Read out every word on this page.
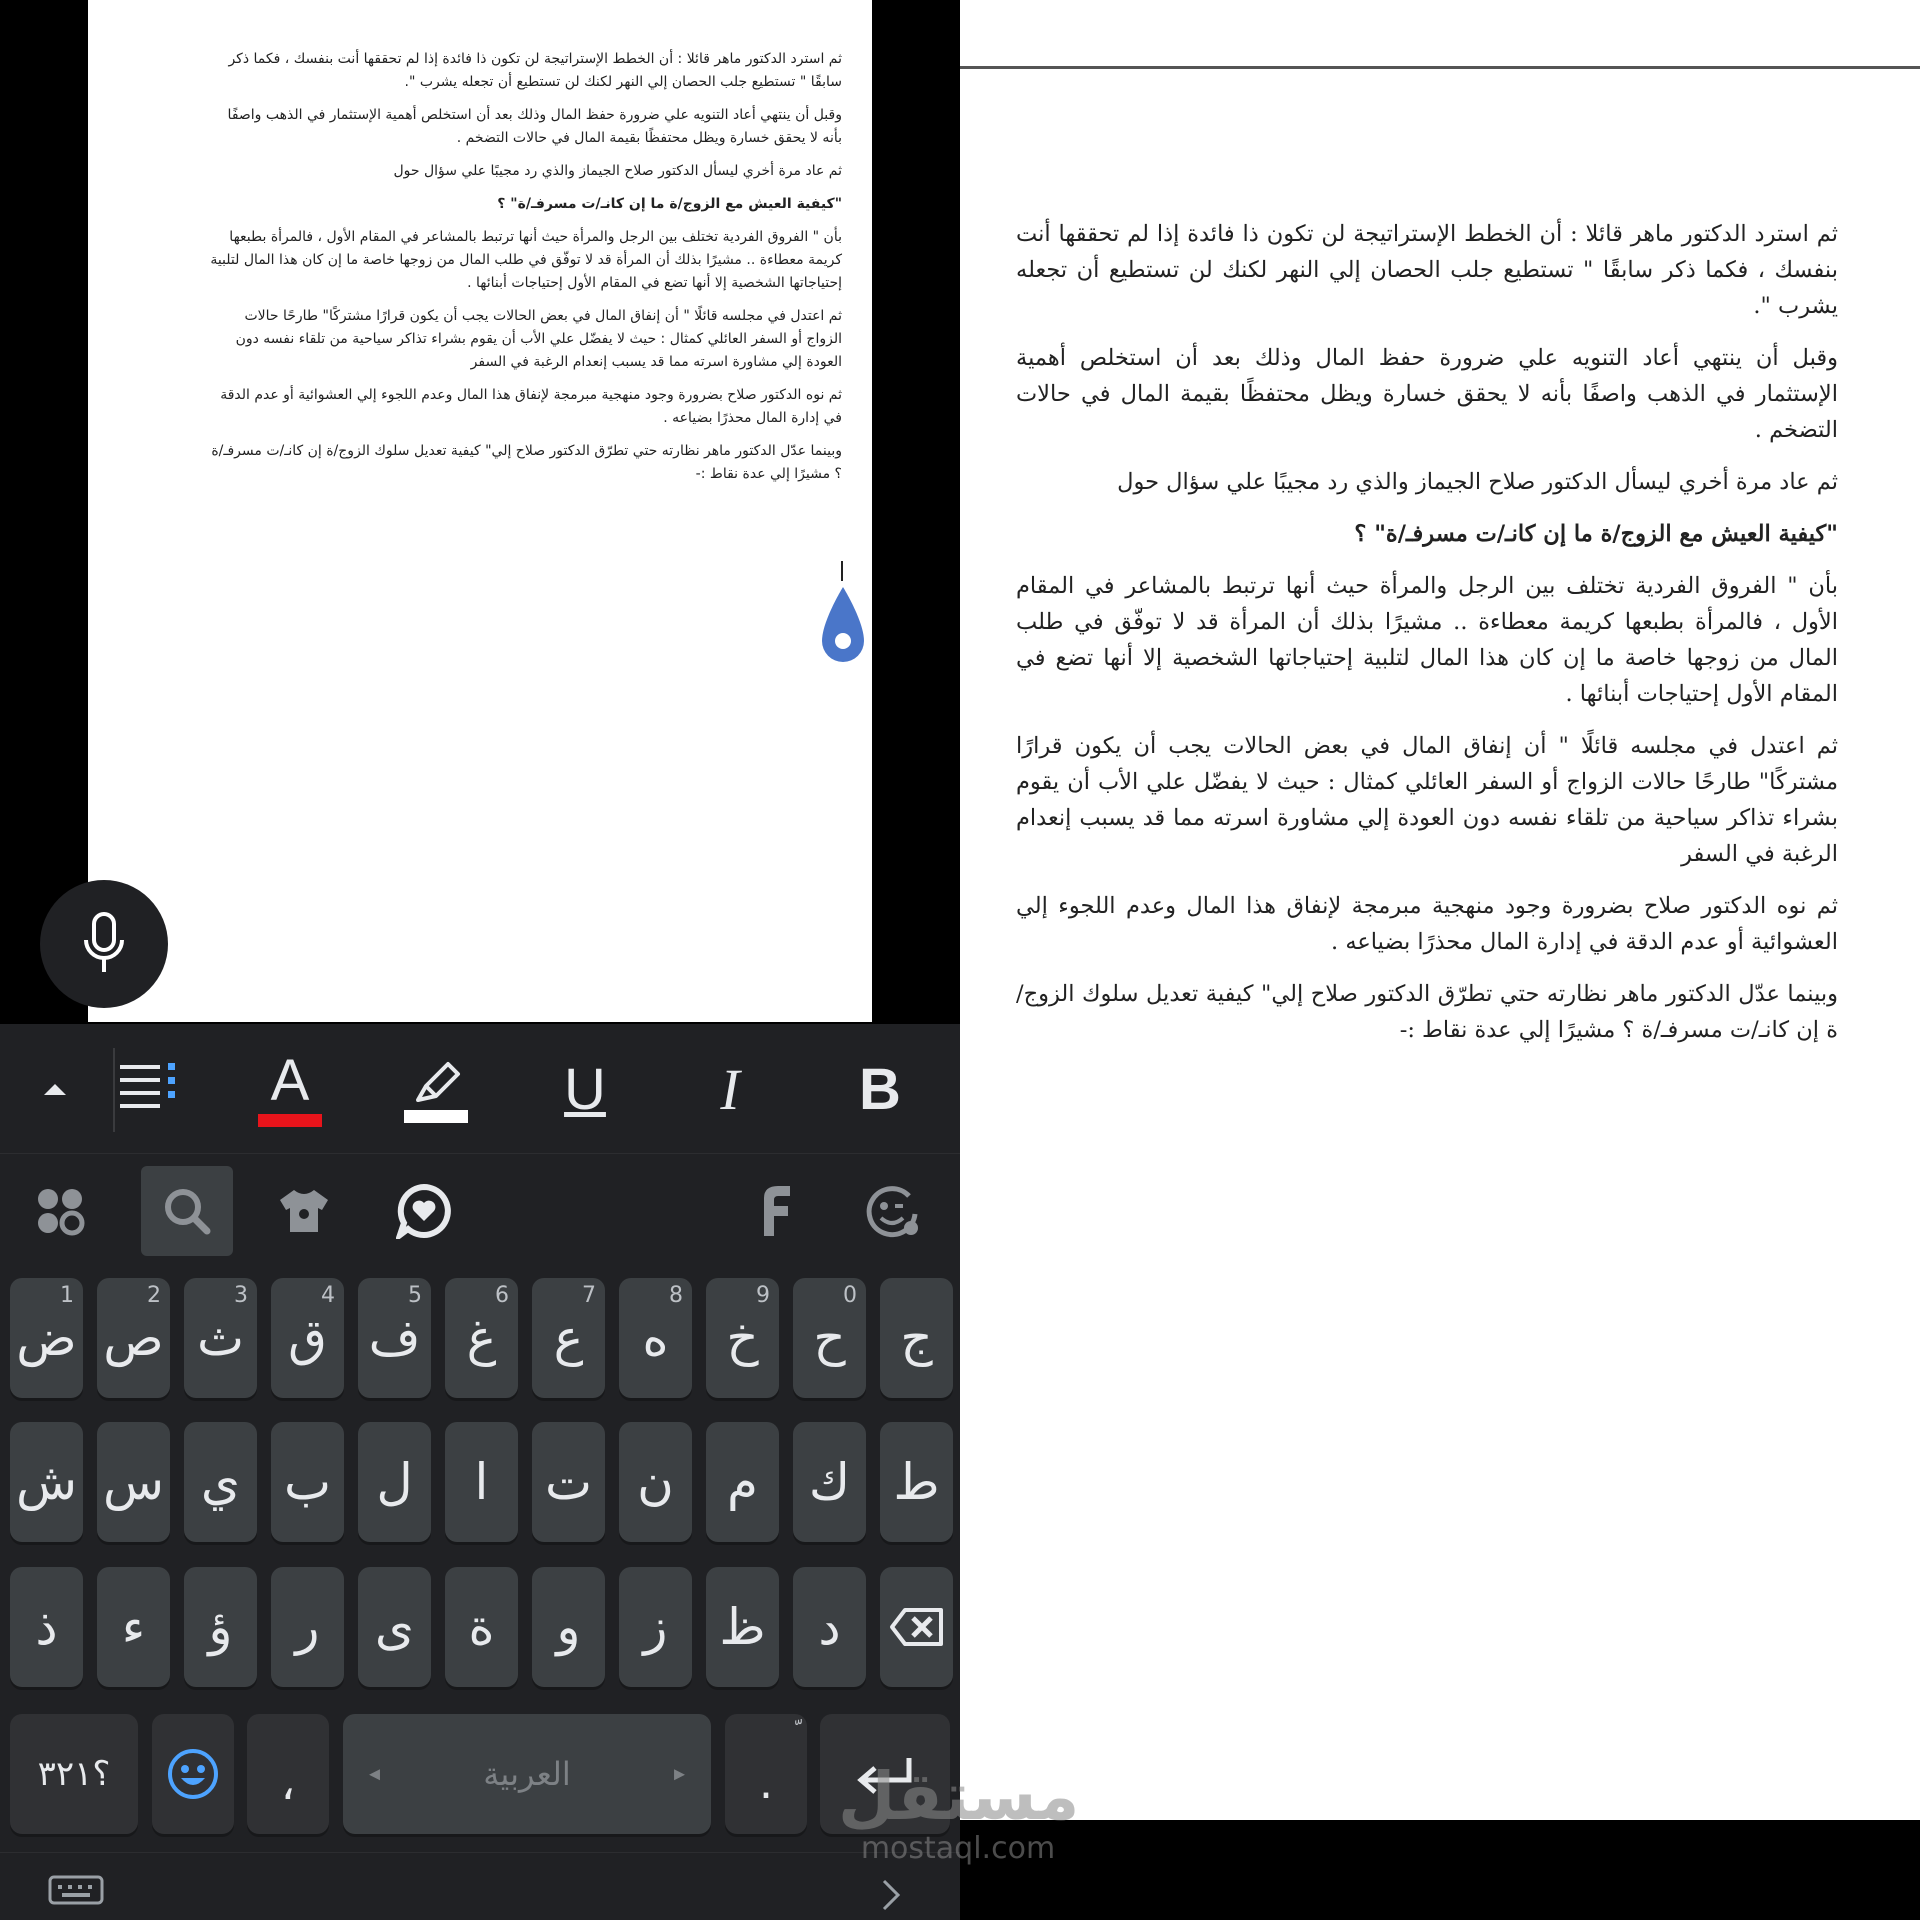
ثم استرد الدكتور ماهر قائلا : أن الخطط الإستراتيجة لن تكون ذا فائدة إذا لم تحققها أنت بنفسك ، فكما ذكر سابقًا " تستطيع جلب الحصان إلي النهر لكنك لن تستطيع أن تجعله يشرب ".

وقبل أن ينتهي أعاد التنويه علي ضرورة حفظ المال وذلك بعد أن استخلص أهمية الإستثمار في الذهب واصفًا بأنه لا يحقق خسارة ويظل محتفظًا بقيمة المال في حالات التضخم .

ثم عاد مرة أخري ليسأل الدكتور صلاح الجيماز والذي رد مجيبًا علي سؤال حول

"كيفية العيش مع الزوج/ة ما إن كانـ/ت مسرفـ/ة" ؟

بأن " الفروق الفردية تختلف بين الرجل والمرأة حيث أنها ترتبط بالمشاعر في المقام الأول ، فالمرأة بطبعها كريمة معطاءة .. مشيرًا بذلك أن المرأة قد لا توفّق في طلب المال من زوجها خاصة ما إن كان هذا المال لتلبية إحتياجاتها الشخصية إلا أنها تضع في المقام الأول إحتياجات أبنائها .

ثم اعتدل في مجلسه قائلًا " أن إنفاق المال في بعض الحالات يجب أن يكون قرارًا مشتركًا" طارحًا حالات الزواج أو السفر العائلي كمثال : حيث لا يفضّل علي الأب أن يقوم بشراء تذاكر سياحية من تلقاء نفسه دون العودة إلي مشاورة اسرته مما قد يسبب إنعدام الرغبة في السفر

ثم نوه الدكتور صلاح بضرورة وجود منهجية مبرمجة لإنفاق هذا المال وعدم اللجوء إلي العشوائية أو عدم الدقة في إدارة المال محذرًا بضياعه .

وبينما عدّل الدكتور ماهر نظارته حتي تطرّق الدكتور صلاح إلي" كيفية تعديل سلوك الزوج/ة إن كانـ/ت مسرفـ/ة ؟ مشيرًا إلي عدة نقاط :-

A	U I B
1
ض
2
ص
3
ث
4
ق
5
ف
6
غ
7
ع
8
ه
9
خ
0
ح ج
ش س ي ب ل ا ت ن م ك ط
ذ ء ؤ ر ى ة و ز ظ د
؟٣٢١	،	◂	العربية	▸ .

ثم استرد الدكتور ماهر قائلا : أن الخطط الإستراتيجة لن تكون ذا فائدة إذا لم تحققها أنت بنفسك ، فكما ذكر سابقًا " تستطيع جلب الحصان إلي النهر لكنك لن تستطيع أن تجعله يشرب ".

وقبل أن ينتهي أعاد التنويه علي ضرورة حفظ المال وذلك بعد أن استخلص أهمية الإستثمار في الذهب واصفًا بأنه لا يحقق خسارة ويظل محتفظًا بقيمة المال في حالات التضخم .

ثم عاد مرة أخري ليسأل الدكتور صلاح الجيماز والذي رد مجيبًا علي سؤال حول

"كيفية العيش مع الزوج/ة ما إن كانـ/ت مسرفـ/ة" ؟

بأن " الفروق الفردية تختلف بين الرجل والمرأة حيث أنها ترتبط بالمشاعر في المقام الأول ، فالمرأة بطبعها كريمة معطاءة .. مشيرًا بذلك أن المرأة قد لا توفّق في طلب المال من زوجها خاصة ما إن كان هذا المال لتلبية إحتياجاتها الشخصية إلا أنها تضع في المقام الأول إحتياجات أبنائها .

ثم اعتدل في مجلسه قائلًا " أن إنفاق المال في بعض الحالات يجب أن يكون قرارًا مشتركًا" طارحًا حالات الزواج أو السفر العائلي كمثال : حيث لا يفضّل علي الأب أن يقوم بشراء تذاكر سياحية من تلقاء نفسه دون العودة إلي مشاورة اسرته مما قد يسبب إنعدام الرغبة في السفر

ثم نوه الدكتور صلاح بضرورة وجود منهجية مبرمجة لإنفاق هذا المال وعدم اللجوء إلي العشوائية أو عدم الدقة في إدارة المال محذرًا بضياعه .

وبينما عدّل الدكتور ماهر نظارته حتي تطرّق الدكتور صلاح إلي" كيفية تعديل سلوك الزوج/ة إن كانـ/ت مسرفـ/ة ؟ مشيرًا إلي عدة نقاط :-

مستقل
mostaql.com
